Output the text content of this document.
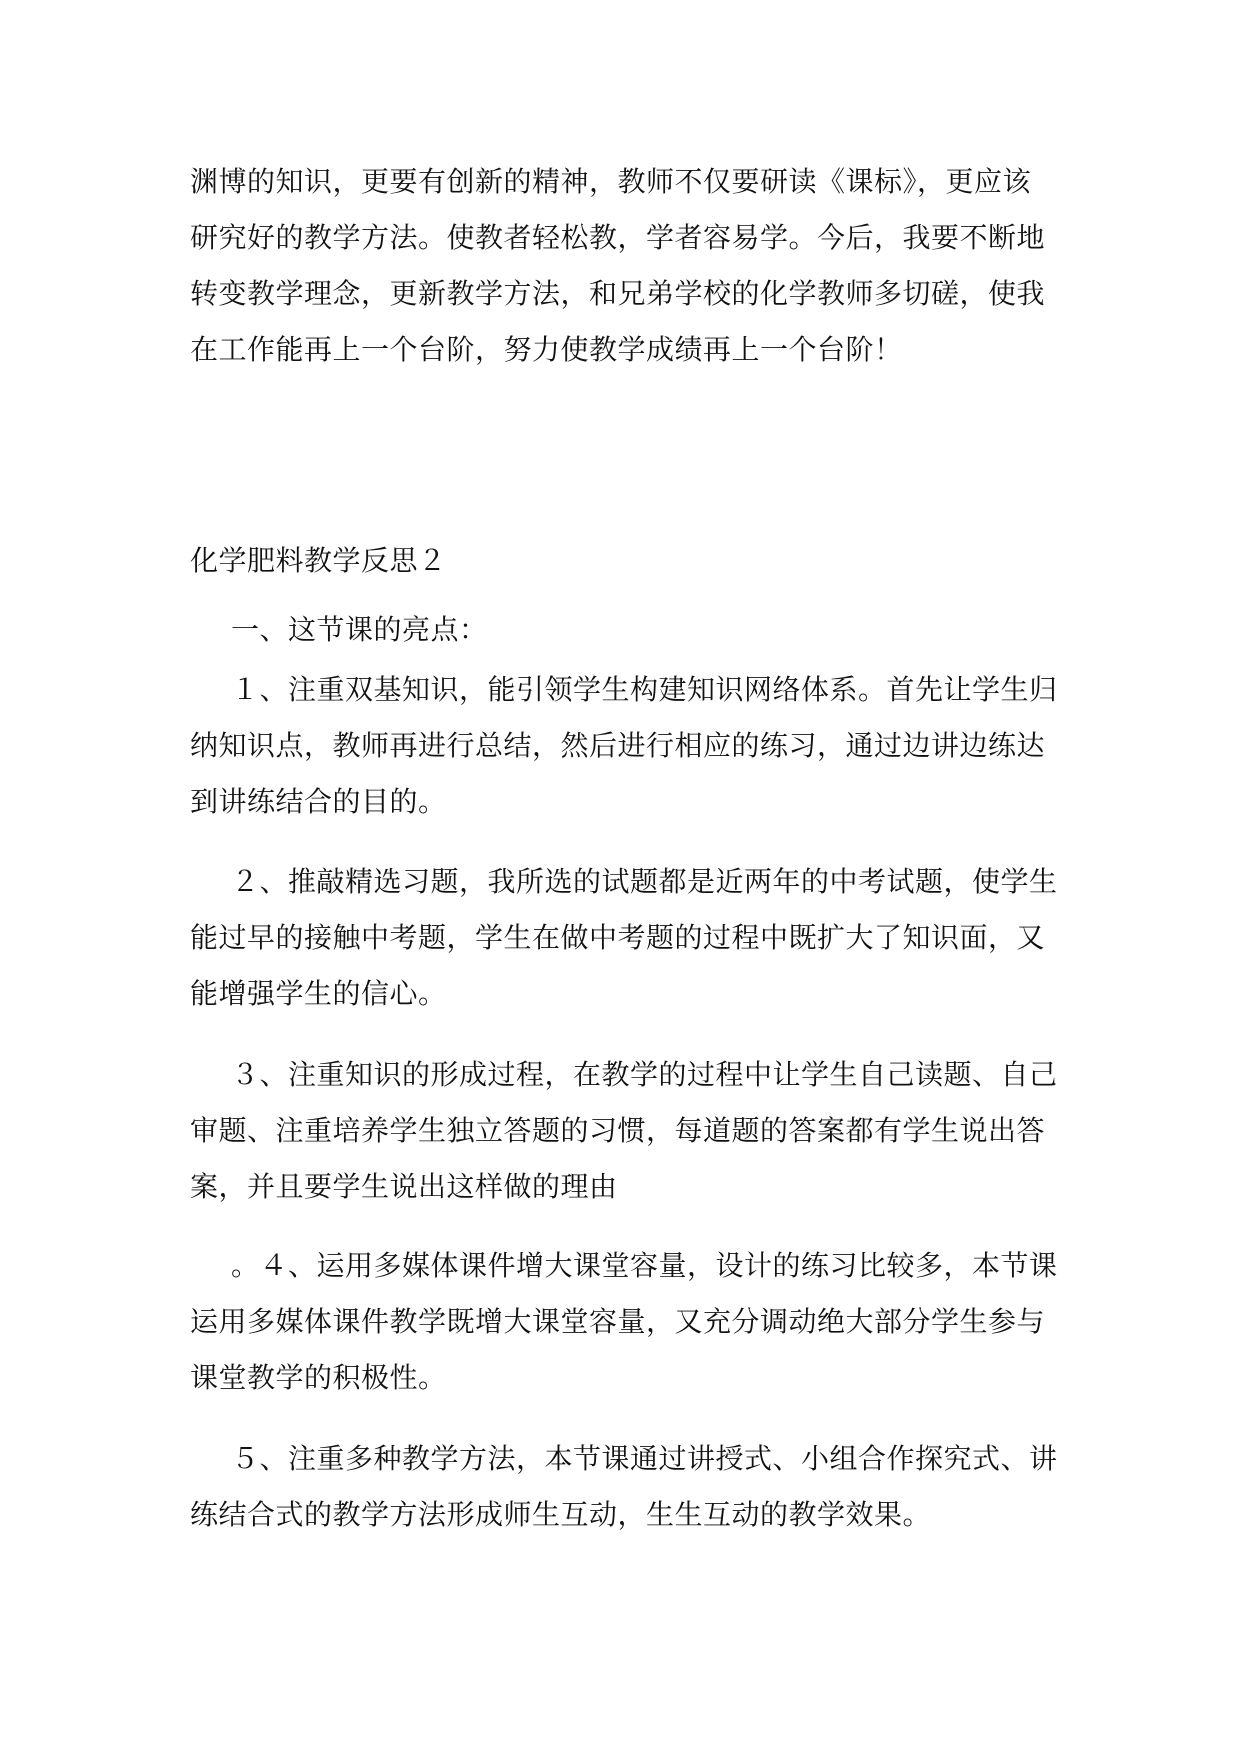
渊博的知识，更要有创新的精神，教师不仅要研读《课标》，更应该
研究好的教学方法。使教者轻松教，学者容易学。今后，我要不断地
转变教学理念，更新教学方法，和兄弟学校的化学教师多切磋，使我
在工作能再上一个台阶，努力使教学成绩再上一个台阶！
化学肥料教学反思２
一、这节课的亮点：
１、注重双基知识，能引领学生构建知识网络体系。首先让学生归
纳知识点，教师再进行总结，然后进行相应的练习，通过边讲边练达
到讲练结合的目的。
２、推敲精选习题，我所选的试题都是近两年的中考试题，使学生
能过早的接触中考题，学生在做中考题的过程中既扩大了知识面，又
能增强学生的信心。
３、注重知识的形成过程，在教学的过程中让学生自己读题、自己
审题、注重培养学生独立答题的习惯，每道题的答案都有学生说出答
案，并且要学生说出这样做的理由
。４、运用多媒体课件增大课堂容量，设计的练习比较多，本节课
运用多媒体课件教学既增大课堂容量，又充分调动绝大部分学生参与
课堂教学的积极性。
５、注重多种教学方法，本节课通过讲授式、小组合作探究式、讲
练结合式的教学方法形成师生互动，生生互动的教学效果。
